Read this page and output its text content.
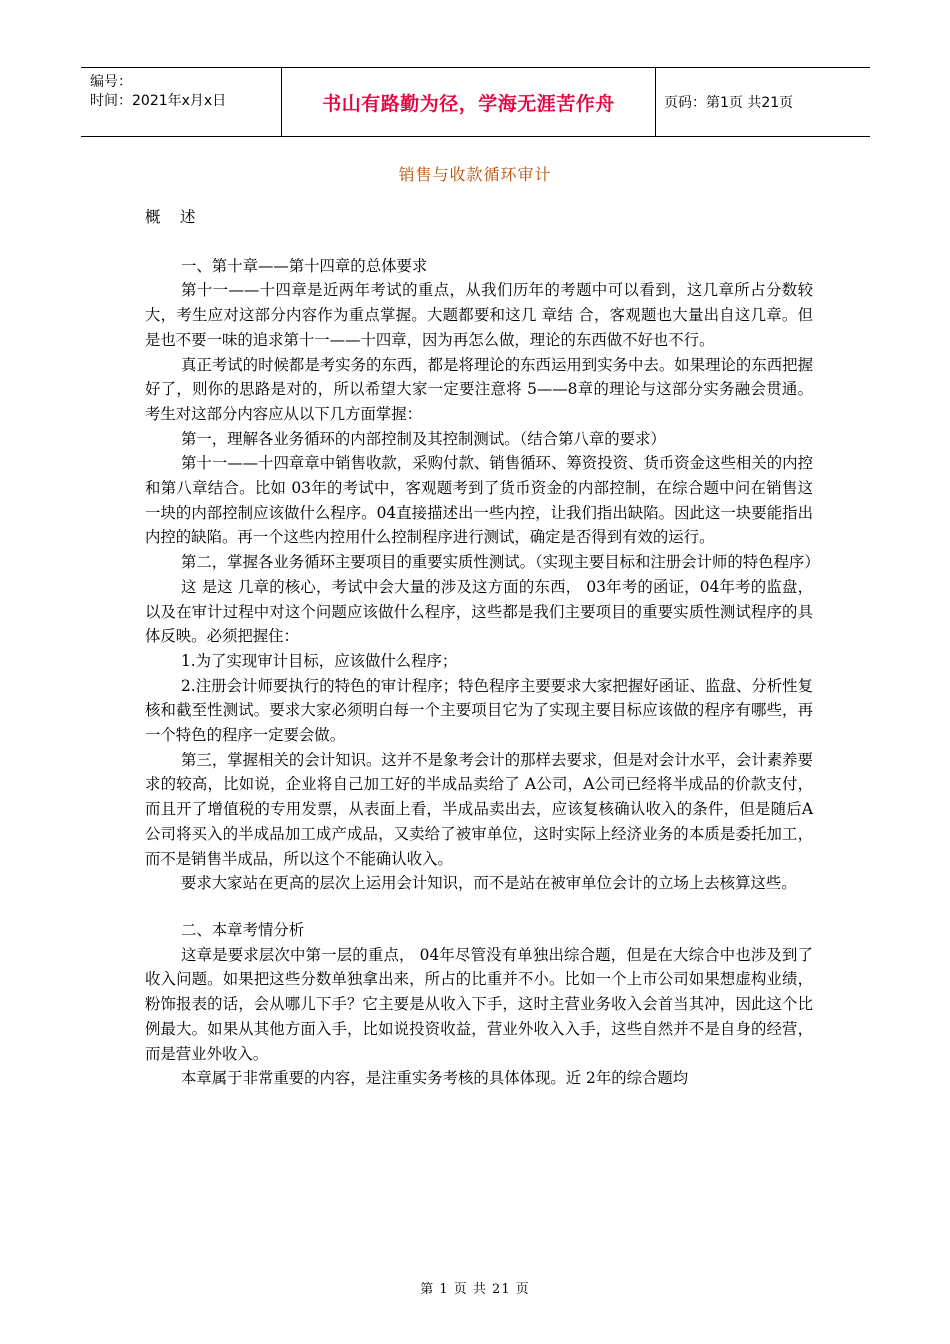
编号：
时间：2021年x月x日	书山有路勤为径，学海无涯苦作舟	页码：第1页 共21页
销售与收款循环审计

概    述

一、第十章——第十四章的总体要求

第十一——十四章是近两年考试的重点，从我们历年的考题中可以看到，这几章所占分数较大，考生应对这部分内容作为重点掌握。大题都要和这几 章结 合，客观题也大量出自这几章。但是也不要一味的追求第十一——十四章，因为再怎么做，理论的东西做不好也不行。

真正考试的时候都是考实务的东西，都是将理论的东西运用到实务中去。如果理论的东西把握好了，则你的思路是对的，所以希望大家一定要注意将 5——8章的理论与这部分实务融会贯通。考生对这部分内容应从以下几方面掌握：

第一，理解各业务循环的内部控制及其控制测试。（结合第八章的要求）

第十一——十四章章中销售收款，采购付款、销售循环、筹资投资、货币资金这些相关的内控和第八章结合。比如 03年的考试中，客观题考到了货币资金的内部控制，在综合题中问在销售这一块的内部控制应该做什么程序。04直接描述出一些内控，让我们指出缺陷。因此这一块要能指出内控的缺陷。再一个这些内控用什么控制程序进行测试，确定是否得到有效的运行。

第二，掌握各业务循环主要项目的重要实质性测试。（实现主要目标和注册会计师的特色程序）

这 是这 几章的核心，考试中会大量的涉及这方面的东西， 03年考的函证，04年考的监盘，以及在审计过程中对这个问题应该做什么程序，这些都是我们主要项目的重要实质性测试程序的具体反映。必须把握住：

1.为了实现审计目标，应该做什么程序；

2.注册会计师要执行的特色的审计程序；特色程序主要要求大家把握好函证、监盘、分析性复核和截至性测试。要求大家必须明白每一个主要项目它为了实现主要目标应该做的程序有哪些，再一个特色的程序一定要会做。

第三，掌握相关的会计知识。这并不是象考会计的那样去要求，但是对会计水平，会计素养要求的较高，比如说，企业将自己加工好的半成品卖给了 A公司，A公司已经将半成品的价款支付，而且开了增值税的专用发票，从表面上看，半成品卖出去，应该复核确认收入的条件，但是随后A公司将买入的半成品加工成产成品，又卖给了被审单位，这时实际上经济业务的本质是委托加工，而不是销售半成品，所以这个不能确认收入。

要求大家站在更高的层次上运用会计知识，而不是站在被审单位会计的立场上去核算这些。

二、本章考情分析

这章是要求层次中第一层的重点， 04年尽管没有单独出综合题，但是在大综合中也涉及到了收入问题。如果把这些分数单独拿出来，所占的比重并不小。比如一个上市公司如果想虚构业绩，粉饰报表的话，会从哪儿下手？它主要是从收入下手，这时主营业务收入会首当其冲，因此这个比例最大。如果从其他方面入手，比如说投资收益，营业外收入入手，这些自然并不是自身的经营，而是营业外收入。

本章属于非常重要的内容，是注重实务考核的具体体现。近 2年的综合题均

第 1 页 共 21 页
